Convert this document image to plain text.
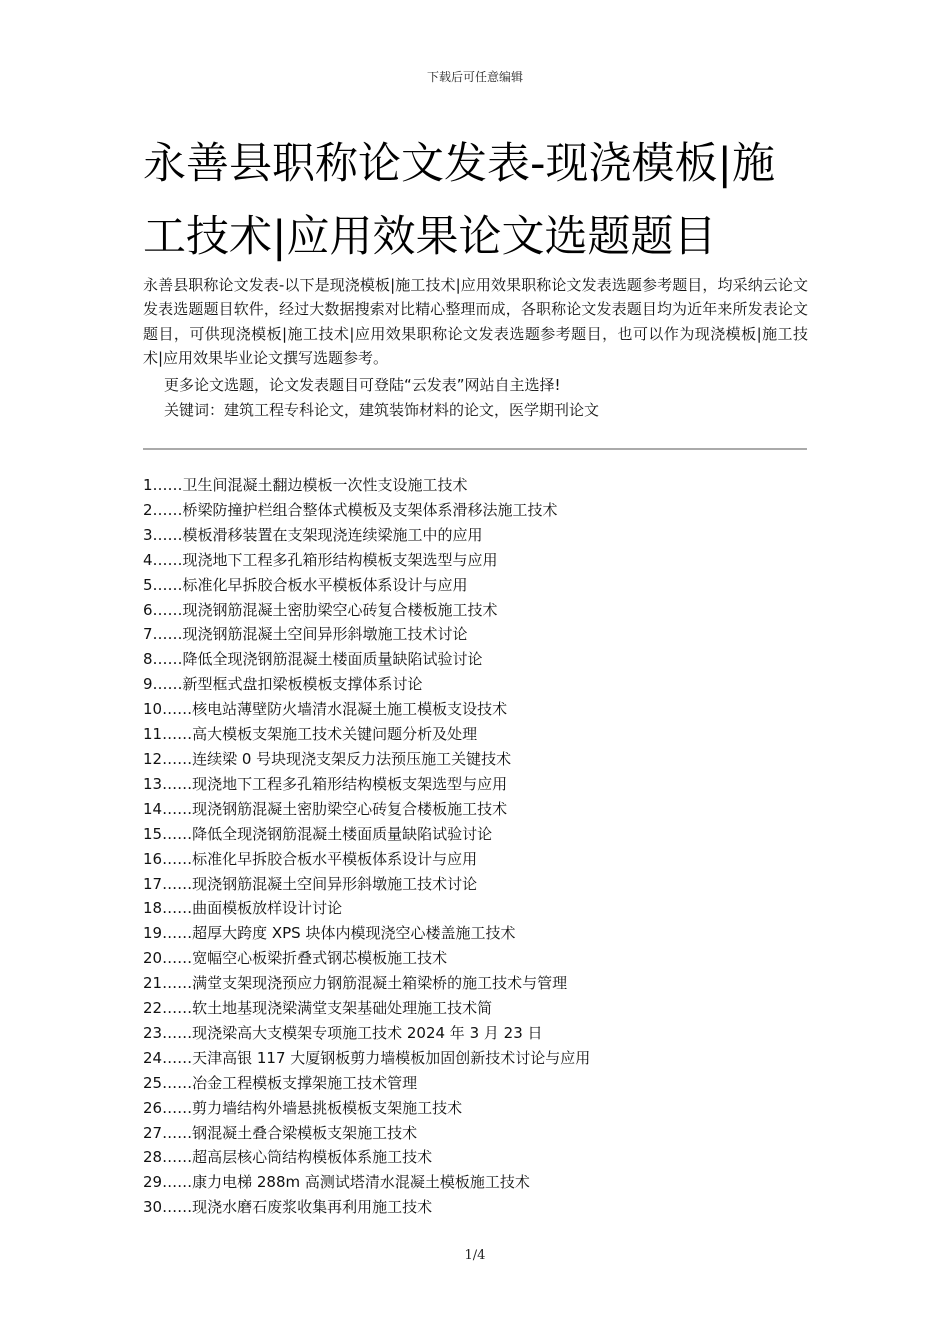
下载后可任意编辑
永善县职称论文发表-现浇模板|施工技术|应用效果论文选题题目

永善县职称论文发表-以下是现浇模板|施工技术|应用效果职称论文发表选题参考题目，均采纳云论文发表选题题目软件，经过大数据搜索对比精心整理而成，各职称论文发表题目均为近年来所发表论文题目，可供现浇模板|施工技术|应用效果职称论文发表选题参考题目，也可以作为现浇模板|施工技术|应用效果毕业论文撰写选题参考。

更多论文选题，论文发表题目可登陆“云发表”网站自主选择!
关键词：建筑工程专科论文，建筑装饰材料的论文，医学期刊论文
1……卫生间混凝土翻边模板一次性支设施工技术
2……桥梁防撞护栏组合整体式模板及支架体系滑移法施工技术
3……模板滑移装置在支架现浇连续梁施工中的应用
4……现浇地下工程多孔箱形结构模板支架选型与应用
5……标准化早拆胶合板水平模板体系设计与应用
6……现浇钢筋混凝土密肋梁空心砖复合楼板施工技术
7……现浇钢筋混凝土空间异形斜墩施工技术讨论
8……降低全现浇钢筋混凝土楼面质量缺陷试验讨论
9……新型框式盘扣梁板模板支撑体系讨论
10……核电站薄壁防火墙清水混凝土施工模板支设技术
11……高大模板支架施工技术关键问题分析及处理
12……连续梁 0 号块现浇支架反力法预压施工关键技术
13……现浇地下工程多孔箱形结构模板支架选型与应用
14……现浇钢筋混凝土密肋梁空心砖复合楼板施工技术
15……降低全现浇钢筋混凝土楼面质量缺陷试验讨论
16……标准化早拆胶合板水平模板体系设计与应用
17……现浇钢筋混凝土空间异形斜墩施工技术讨论
18……曲面模板放样设计讨论
19……超厚大跨度 XPS 块体内模现浇空心楼盖施工技术
20……宽幅空心板梁折叠式钢芯模板施工技术
21……满堂支架现浇预应力钢筋混凝土箱梁桥的施工技术与管理
22……软土地基现浇梁满堂支架基础处理施工技术简
23……现浇梁高大支模架专项施工技术 2024 年 3 月 23 日
24……天津高银 117 大厦钢板剪力墙模板加固创新技术讨论与应用
25……冶金工程模板支撑架施工技术管理
26……剪力墙结构外墙悬挑板模板支架施工技术
27……钢混凝土叠合梁模板支架施工技术
28……超高层核心筒结构模板体系施工技术
29……康力电梯 288m 高测试塔清水混凝土模板施工技术
30……现浇水磨石废浆收集再利用施工技术
1/4
